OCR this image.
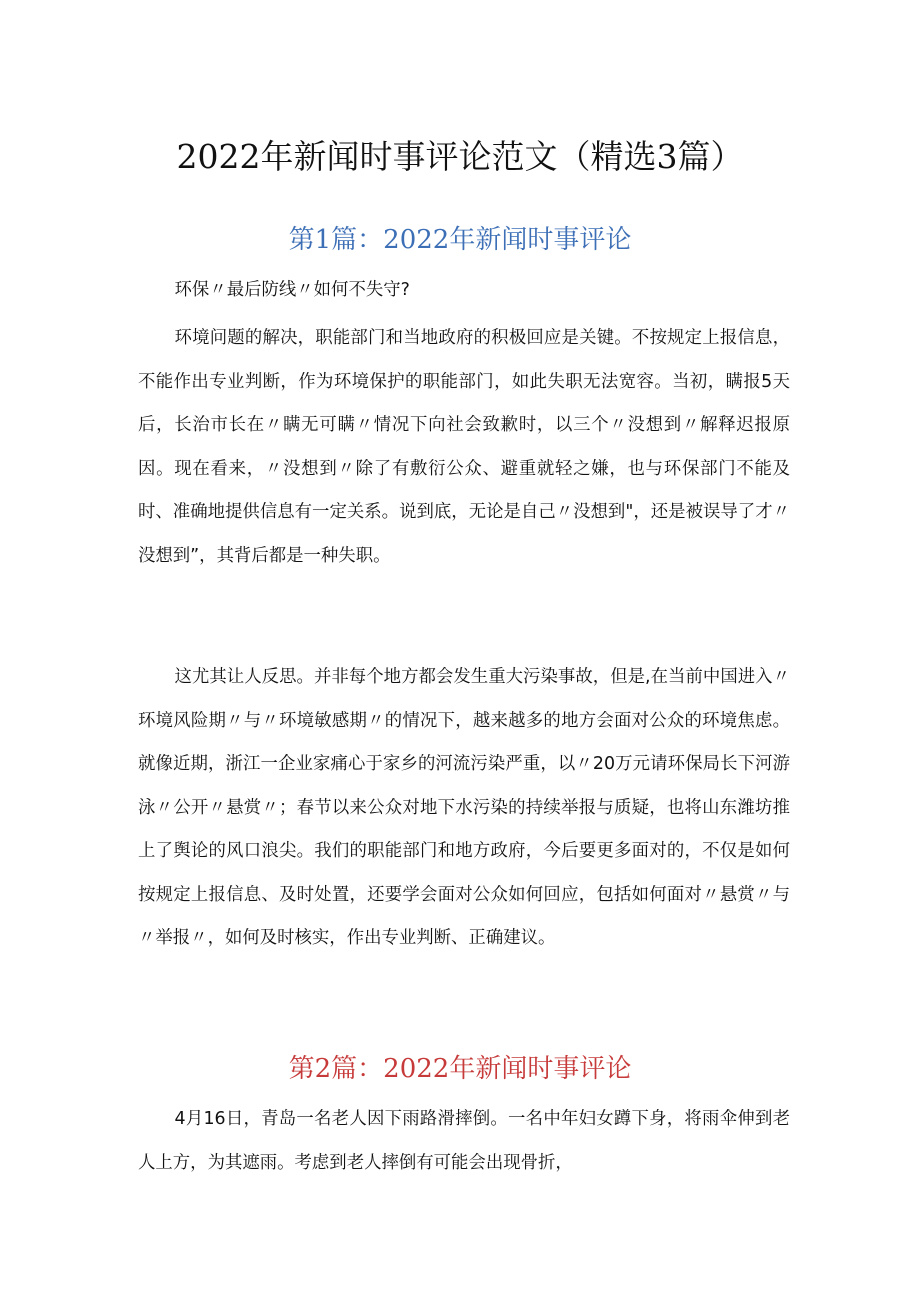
2022年新闻时事评论范文（精选3篇）
第1篇：2022年新闻时事评论

环保〃最后防线〃如何不失守?

环境问题的解决，职能部门和当地政府的积极回应是关键。不按规定上报信息，不能作出专业判断，作为环境保护的职能部门，如此失职无法宽容。当初，瞒报5天后，长治市长在〃瞒无可瞒〃情况下向社会致歉时，以三个〃没想到〃解释迟报原因。现在看来，〃没想到〃除了有敷衍公众、避重就轻之嫌，也与环保部门不能及时、准确地提供信息有一定关系。说到底，无论是自己〃没想到"，还是被误导了才〃没想到”，其背后都是一种失职。

这尤其让人反思。并非每个地方都会发生重大污染事故，但是,在当前中国进入〃环境风险期〃与〃环境敏感期〃的情况下，越来越多的地方会面对公众的环境焦虑。就像近期，浙江一企业家痛心于家乡的河流污染严重，以〃20万元请环保局长下河游泳〃公开〃悬赏〃；春节以来公众对地下水污染的持续举报与质疑，也将山东潍坊推上了舆论的风口浪尖。我们的职能部门和地方政府，今后要更多面对的，不仅是如何按规定上报信息、及时处置，还要学会面对公众如何回应，包括如何面对〃悬赏〃与〃举报〃，如何及时核实，作出专业判断、正确建议。

第2篇：2022年新闻时事评论

4月16日，青岛一名老人因下雨路滑摔倒。一名中年妇女蹲下身，将雨伞伸到老人上方，为其遮雨。考虑到老人摔倒有可能会出现骨折，
